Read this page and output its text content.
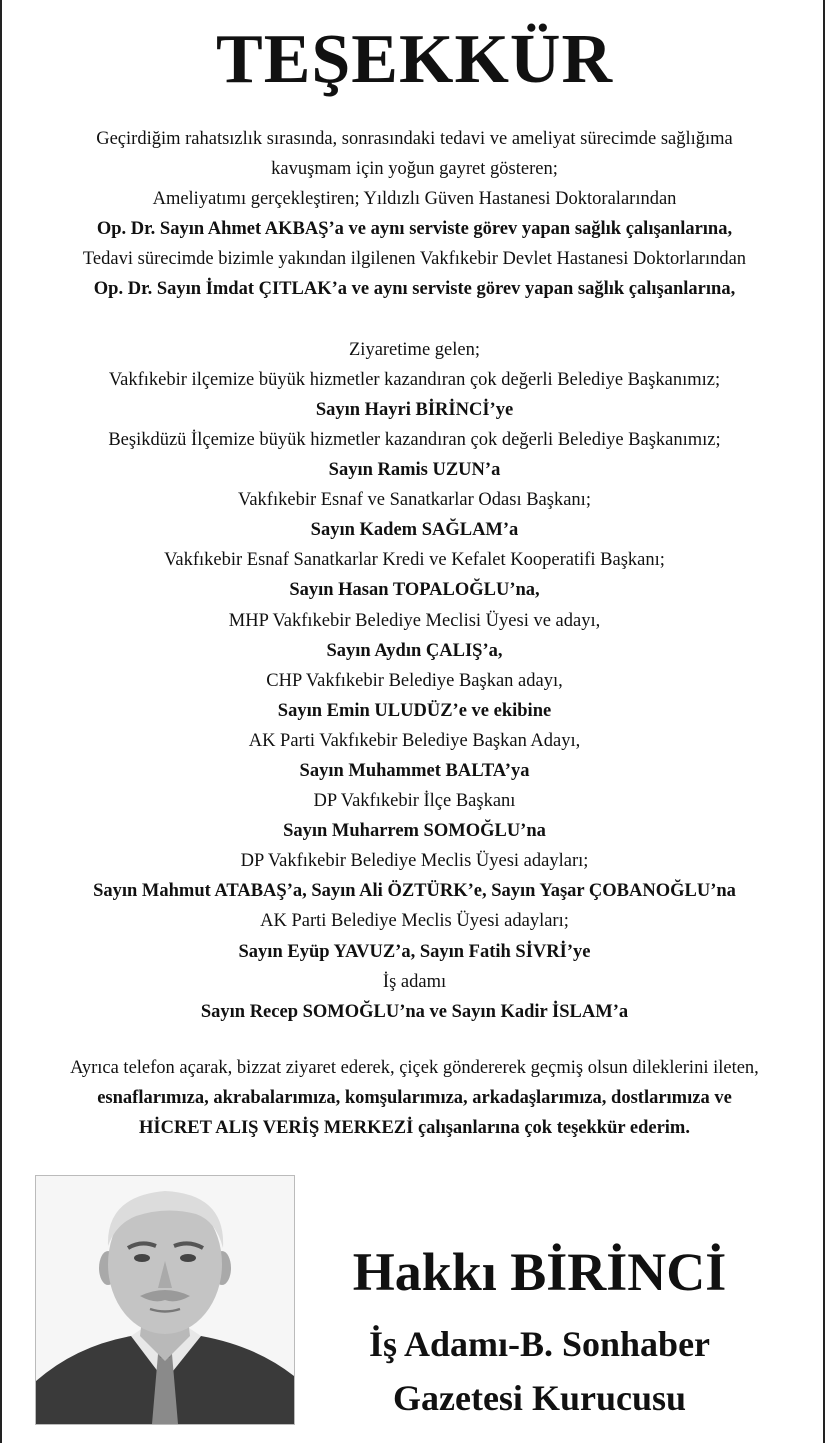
TEŞEKKÜR
Geçirdiğim rahatsızlık sırasında, sonrasındaki tedavi ve ameliyat sürecimde sağlığıma
kavuşmam için yoğun gayret gösteren;
Ameliyatımı gerçekleştiren; Yıldızlı Güven Hastanesi Doktoralarından
Op. Dr. Sayın Ahmet AKBAŞ’a ve aynı serviste görev yapan sağlık çalışanlarına,
Tedavi sürecimde bizimle yakından ilgilenen Vakfıkebir Devlet Hastanesi Doktorlarından
Op. Dr. Sayın İmdat ÇITLAK’a ve aynı serviste görev yapan sağlık çalışanlarına,
Ziyaretime gelen;
Vakfıkebir ilçemize büyük hizmetler kazandıran çok değerli Belediye Başkanımız;
Sayın Hayri BİRİNCİ’ye
Beşikdüzü İlçemize büyük hizmetler kazandıran çok değerli Belediye Başkanımız;
Sayın Ramis UZUN’a
Vakfıkebir Esnaf ve Sanatkarlar Odası Başkanı;
Sayın Kadem SAĞLAM’a
Vakfıkebir Esnaf Sanatkarlar Kredi ve Kefalet Kooperatifi Başkanı;
Sayın Hasan TOPALOĞLU’na,
MHP Vakfıkebir Belediye Meclisi Üyesi ve adayı,
Sayın Aydın ÇALIŞ’a,
CHP Vakfıkebir Belediye Başkan adayı,
Sayın Emin ULUDÜZ’e ve ekibine
AK Parti Vakfıkebir Belediye Başkan Adayı,
Sayın Muhammet BALTA’ya
DP Vakfıkebir İlçe Başkanı
Sayın Muharrem SOMOĞLU’na
DP Vakfıkebir Belediye Meclis Üyesi adayları;
Sayın Mahmut ATABAŞ’a, Sayın Ali ÖZTÜRK’e, Sayın Yaşar ÇOBANOĞLU’na
AK Parti Belediye Meclis Üyesi adayları;
Sayın Eyüp YAVUZ’a, Sayın Fatih SİVRİ’ye
İş adamı
Sayın Recep SOMOĞLU’na ve Sayın Kadir İSLAM’a
Ayrıca telefon açarak, bizzat ziyaret ederek, çiçek göndererek geçmiş olsun dileklerini ileten,
esnaflarımıza, akrabalarımıza, komşularımıza, arkadaşlarımıza, dostlarımıza ve
HİCRET ALIŞ VERİŞ MERKEZİ çalışanlarına çok teşekkür ederim.
Hakkı BİRİNCİ
İş Adamı-B. Sonhaber
Gazetesi Kurucusu
